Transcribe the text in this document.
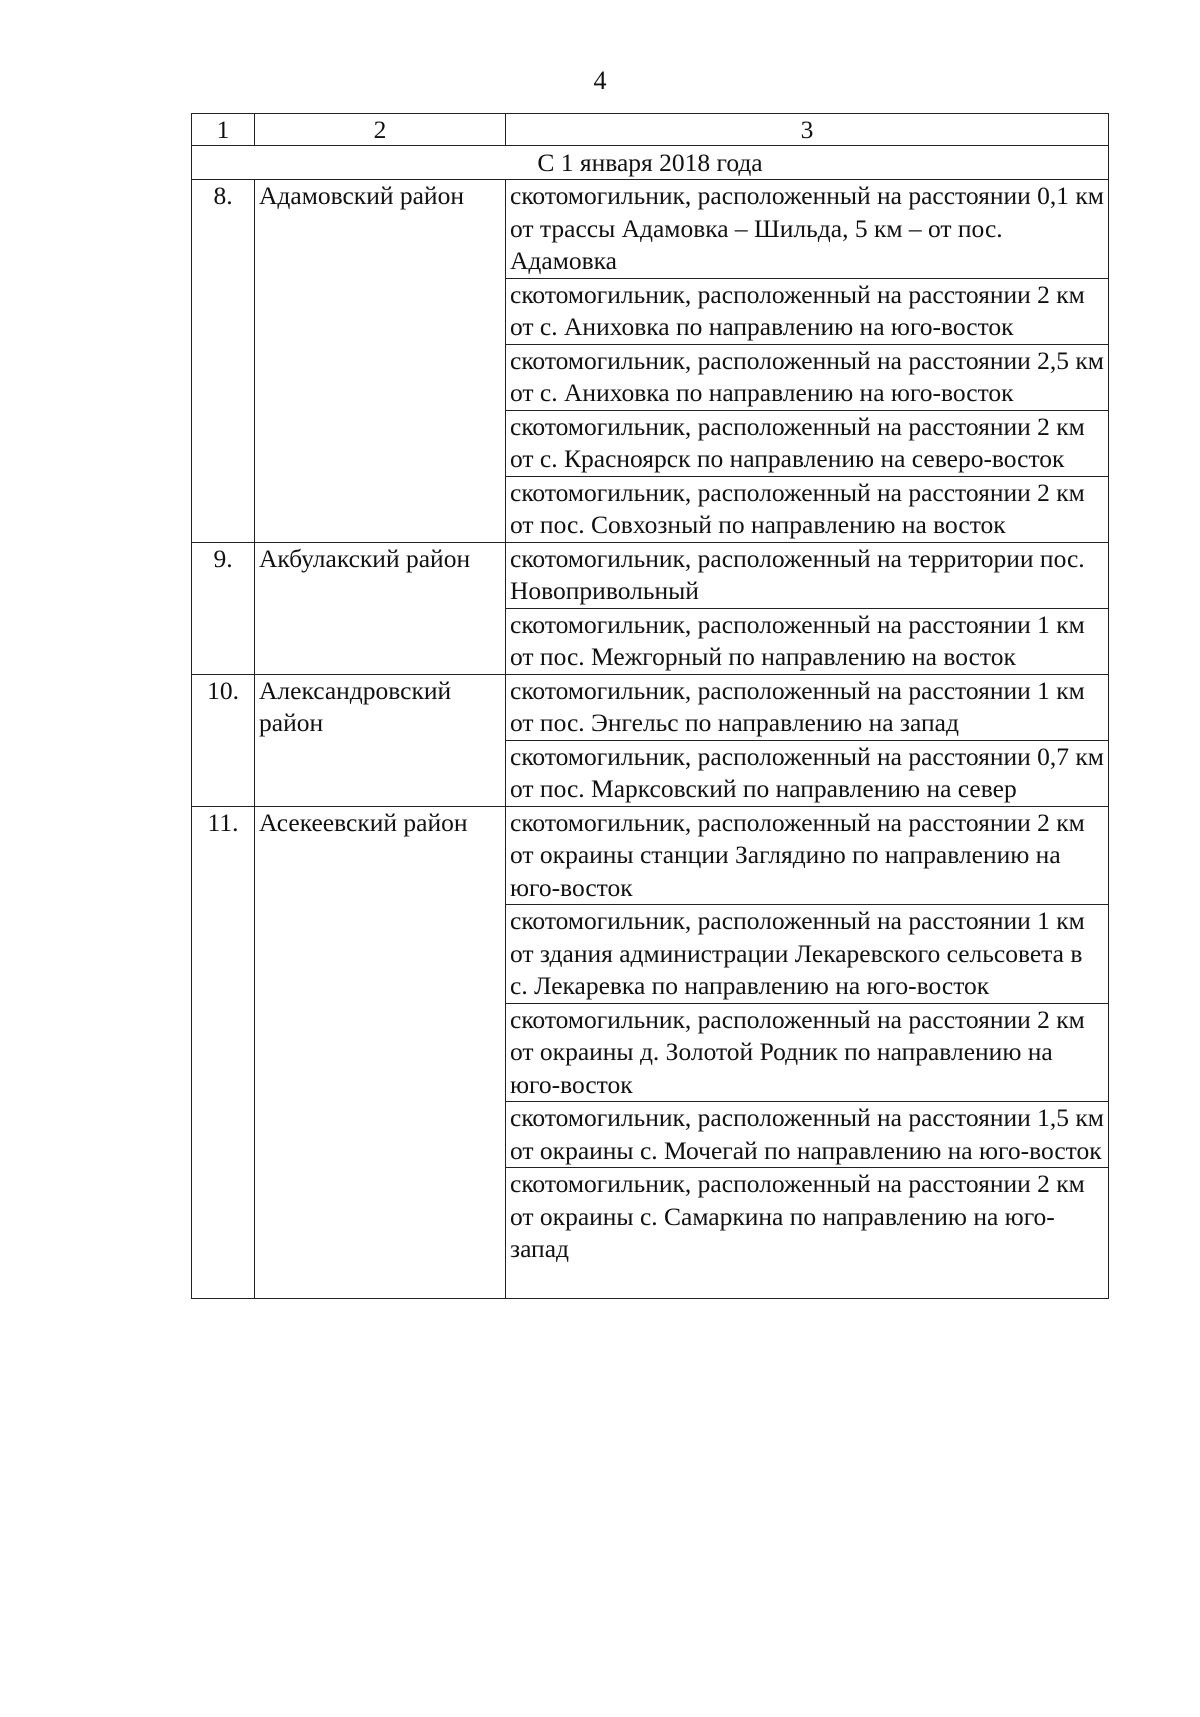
4
1	2	3
С 1 января 2018 года		
8.	Адамовский район	скотомогильник, расположенный на расстоянии 0,1 км от трассы Адамовка – Шильда, 5 км – от пос. Адамовка
		скотомогильник, расположенный на расстоянии 2 км от с. Аниховка по направлению на юго-восток
		скотомогильник, расположенный на расстоянии 2,5 км от с. Аниховка по направлению на юго-восток
		скотомогильник, расположенный на расстоянии 2 км от с. Красноярск по направлению на северо-восток
		скотомогильник, расположенный на расстоянии 2 км от пос. Совхозный по направлению на восток
9.	Акбулакский район	скотомогильник, расположенный на территории пос. Новопривольный
		скотомогильник, расположенный на расстоянии 1 км от пос. Межгорный по направлению на восток
10.	Александровский район	скотомогильник, расположенный на расстоянии 1 км от пос. Энгельс по направлению на запад
		скотомогильник, расположенный на расстоянии 0,7 км от пос. Марксовский по направлению на север
11.	Асекеевский район	скотомогильник, расположенный на расстоянии 2 км от окраины станции Заглядино по направлению на юго-восток
		скотомогильник, расположенный на расстоянии 1 км от здания администрации Лекаревского сельсовета в с. Лекаревка по направлению на юго-восток
		скотомогильник, расположенный на расстоянии 2 км от окраины д. Золотой Родник по направлению на юго-восток
		скотомогильник, расположенный на расстоянии 1,5 км от окраины с. Мочегай по направлению на юго-восток
		скотомогильник, расположенный на расстоянии 2 км от окраины с. Самаркина по направлению на юго-запад
